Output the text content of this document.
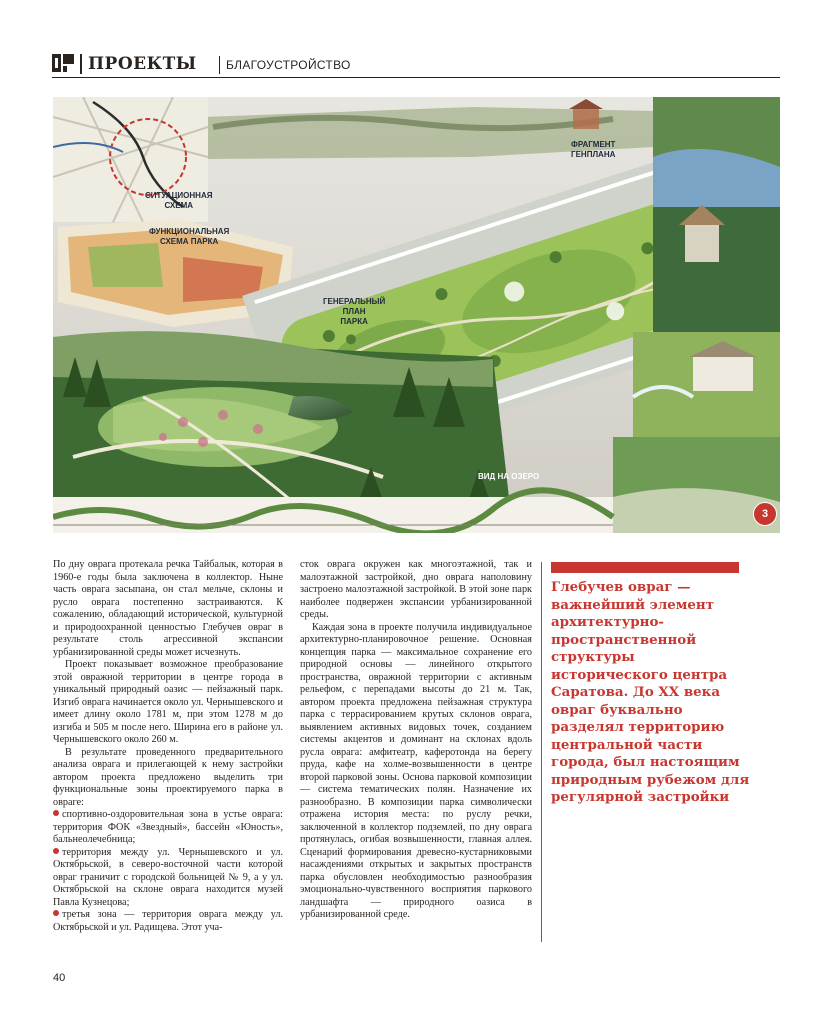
ПРОЕКТЫ БЛАГОУСТРОЙСТВО
СИТУАЦИОННАЯ
СХЕМА
ФУНКЦИОНАЛЬНАЯ
СХЕМА ПАРКА
ФРАГМЕНТ
ГЕНПЛАНА
ГЕНЕРАЛЬНЫЙ
ПЛАН
ПАРКА
ВИД НА ОЗЕРО
3

По дну оврага протекала речка Тайбалык, которая в 1960-е годы была заключена в коллектор. Ныне часть оврага засыпана, он стал мельче, склоны и русло оврага постепенно застраиваются. К сожалению, обладающий исторической, культурной и природоохранной ценностью Глебучев овраг в результате столь агрессивной экспансии урбанизированной среды может исчезнуть.

Проект показывает возможное преобразование этой овражной территории в центре города в уникальный природный оазис — пейзажный парк. Изгиб оврага начинается около ул. Чернышевского и имеет длину около 1781 м, при этом 1278 м до изгиба и 505 м после него. Ширина его в районе ул. Чернышевского около 260 м.

В результате проведенного предварительного анализа оврага и прилегающей к нему застройки автором проекта предложено выделить три функциональные зоны проектируемого парка в овраге:

спортивно-оздоровительная зона в устье оврага: территория ФОК «Звездный», бассейн «Юность», бальнеолечебница;

территория между ул. Чернышевского и ул. Октябрьской, в северо-восточной части которой овраг граничит с городской больницей № 9, а у ул. Октябрьской на склоне оврага находится музей Павла Кузнецова;

третья зона — территория оврага между ул. Октябрьской и ул. Радищева. Этот уча-

сток оврага окружен как многоэтажной, так и малоэтажной застройкой, дно оврага наполовину застроено малоэтажной застройкой. В этой зоне парк наиболее подвержен экспансии урбанизированной среды.

Каждая зона в проекте получила индивидуальное архитектурно-планировочное решение. Основная концепция парка — максимальное сохранение его природной основы — линейного открытого пространства, овражной территории с активным рельефом, с перепадами высоты до 21 м. Так, автором проекта предложена пейзажная структура парка с террасированием крутых склонов оврага, выявлением активных видовых точек, созданием системы акцентов и доминант на склонах вдоль русла оврага: амфитеатр, каферотонда на берегу пруда, кафе на холме-возвышенности в центре второй парковой зоны. Основа парковой композиции — система тематических полян. Назначение их разнообразно. В композиции парка символически отражена история места: по руслу речки, заключенной в коллектор подземлей, по дну оврага протянулась, огибая возвышенности, главная аллея. Сценарий формирования древесно-кустарниковыми насаждениями открытых и закрытых пространств парка обусловлен необходимостью разнообразия эмоционально-чувственного восприятия паркового ландшафта — природного оазиса в урбанизированной среде.

Глебучев овраг — важнейший элемент архитектурно-пространственной структуры исторического центра Саратова. До XX века овраг буквально разделял территорию центральной части города, был настоящим природным рубежом для регулярной застройки
40
